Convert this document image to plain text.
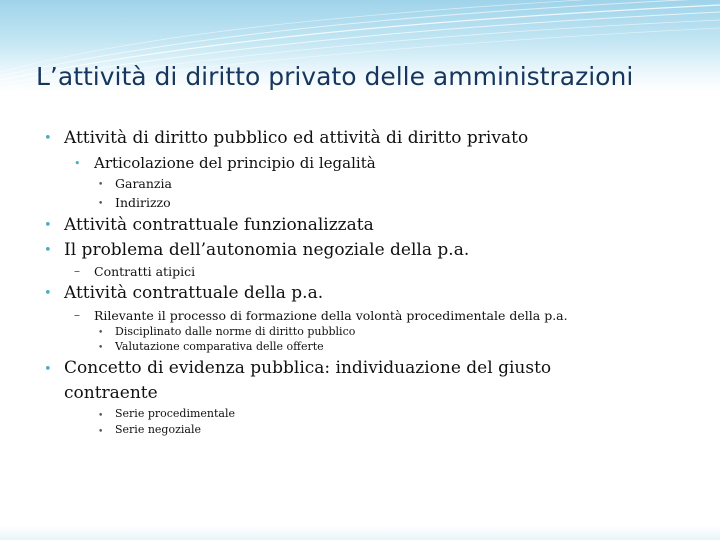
L’attività di diritto privato delle amministrazioni
• Attività di diritto pubblico ed attività di diritto privato
• Articolazione del principio di legalità
• Garanzia
• Indirizzo
• Attività contrattuale funzionalizzata
• Il problema dell’autonomia negoziale della p.a.
– Contratti atipici
• Attività contrattuale della p.a.
– Rilevante il processo di formazione della volontà procedimentale della p.a.
• Disciplinato dalle norme di diritto pubblico
• Valutazione comparativa delle offerte
• Concetto di evidenza pubblica: individuazione del giusto
contraente
• Serie procedimentale
• Serie negoziale
